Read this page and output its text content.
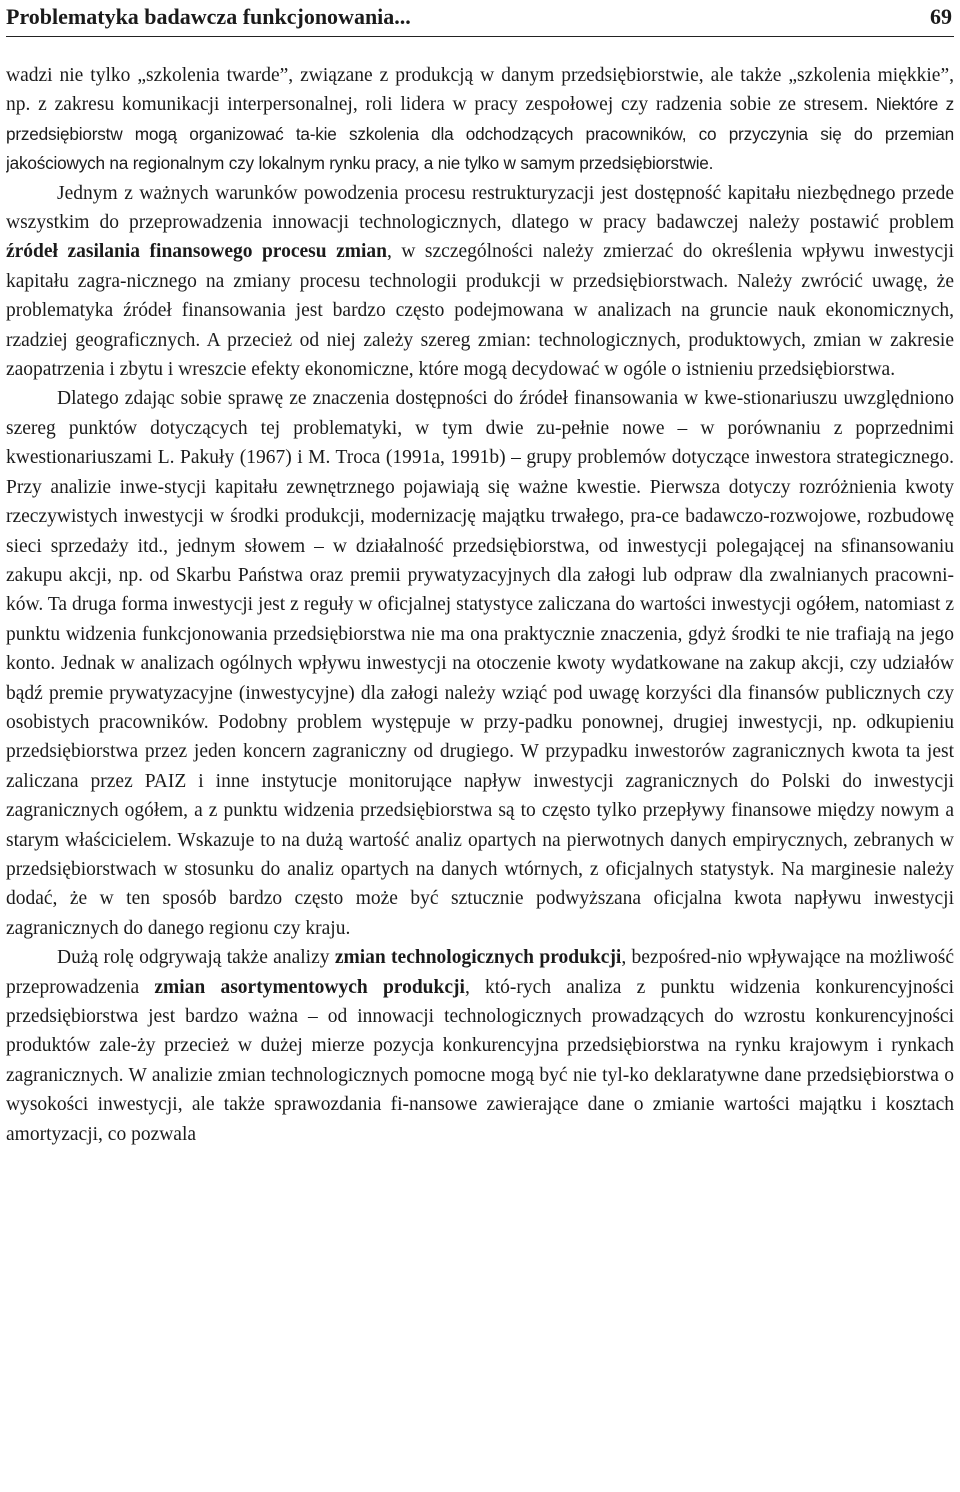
Problematyka badawcza funkcjonowania...	69

wadzi nie tylko „szkolenia twarde”, związane z produkcją w danym przedsiębiorstwie, ale także „szkolenia miękkie”, np. z zakresu komunikacji interpersonalnej, roli lidera w pracy zespołowej czy radzenia sobie ze stresem. Niektóre z przedsiębiorstw mogą organizować ta-kie szkolenia dla odchodzących pracowników, co przyczynia się do przemian jakościowych na regionalnym czy lokalnym rynku pracy, a nie tylko w samym przedsiębiorstwie.

Jednym z ważnych warunków powodzenia procesu restrukturyzacji jest dostępność kapitału niezbędnego przede wszystkim do przeprowadzenia innowacji technologicznych, dlatego w pracy badawczej należy postawić problem źródeł zasilania finansowego procesu zmian, w szczególności należy zmierzać do określenia wpływu inwestycji kapitału zagra-nicznego na zmiany procesu technologii produkcji w przedsiębiorstwach. Należy zwrócić uwagę, że problematyka źródeł finansowania jest bardzo często podejmowana w analizach na gruncie nauk ekonomicznych, rzadziej geograficznych. A przecież od niej zależy szereg zmian: technologicznych, produktowych, zmian w zakresie zaopatrzenia i zbytu i wreszcie efekty ekonomiczne, które mogą decydować w ogóle o istnieniu przedsiębiorstwa.

Dlatego zdając sobie sprawę ze znaczenia dostępności do źródeł finansowania w kwe-stionariuszu uwzględniono szereg punktów dotyczących tej problematyki, w tym dwie zu-pełnie nowe – w porównaniu z poprzednimi kwestionariuszami L. Pakuły (1967) i M. Troca (1991a, 1991b) – grupy problemów dotyczące inwestora strategicznego. Przy analizie inwe-stycji kapitału zewnętrznego pojawiają się ważne kwestie. Pierwsza dotyczy rozróżnienia kwoty rzeczywistych inwestycji w środki produkcji, modernizację majątku trwałego, pra-ce badawczo-rozwojowe, rozbudowę sieci sprzedaży itd., jednym słowem – w działalność przedsiębiorstwa, od inwestycji polegającej na sfinansowaniu zakupu akcji, np. od Skarbu Państwa oraz premii prywatyzacyjnych dla załogi lub odpraw dla zwalnianych pracowni-ków. Ta druga forma inwestycji jest z reguły w oficjalnej statystyce zaliczana do wartości inwestycji ogółem, natomiast z punktu widzenia funkcjonowania przedsiębiorstwa nie ma ona praktycznie znaczenia, gdyż środki te nie trafiają na jego konto. Jednak w analizach ogólnych wpływu inwestycji na otoczenie kwoty wydatkowane na zakup akcji, czy udziałów bądź premie prywatyzacyjne (inwestycyjne) dla załogi należy wziąć pod uwagę korzyści dla finansów publicznych czy osobistych pracowników. Podobny problem występuje w przy-padku ponownej, drugiej inwestycji, np. odkupieniu przedsiębiorstwa przez jeden koncern zagraniczny od drugiego. W przypadku inwestorów zagranicznych kwota ta jest zaliczana przez PAIZ i inne instytucje monitorujące napływ inwestycji zagranicznych do Polski do inwestycji zagranicznych ogółem, a z punktu widzenia przedsiębiorstwa są to często tylko przepływy finansowe między nowym a starym właścicielem. Wskazuje to na dużą wartość analiz opartych na pierwotnych danych empirycznych, zebranych w przedsiębiorstwach w stosunku do analiz opartych na danych wtórnych, z oficjalnych statystyk. Na marginesie należy dodać, że w ten sposób bardzo często może być sztucznie podwyższana oficjalna kwota napływu inwestycji zagranicznych do danego regionu czy kraju.

Dużą rolę odgrywają także analizy zmian technologicznych produkcji, bezpośred-nio wpływające na możliwość przeprowadzenia zmian asortymentowych produkcji, któ-rych analiza z punktu widzenia konkurencyjności przedsiębiorstwa jest bardzo ważna – od innowacji technologicznych prowadzących do wzrostu konkurencyjności produktów zale-ży przecież w dużej mierze pozycja konkurencyjna przedsiębiorstwa na rynku krajowym i rynkach zagranicznych. W analizie zmian technologicznych pomocne mogą być nie tyl-ko deklaratywne dane przedsiębiorstwa o wysokości inwestycji, ale także sprawozdania fi-nansowe zawierające dane o zmianie wartości majątku i kosztach amortyzacji, co pozwala
